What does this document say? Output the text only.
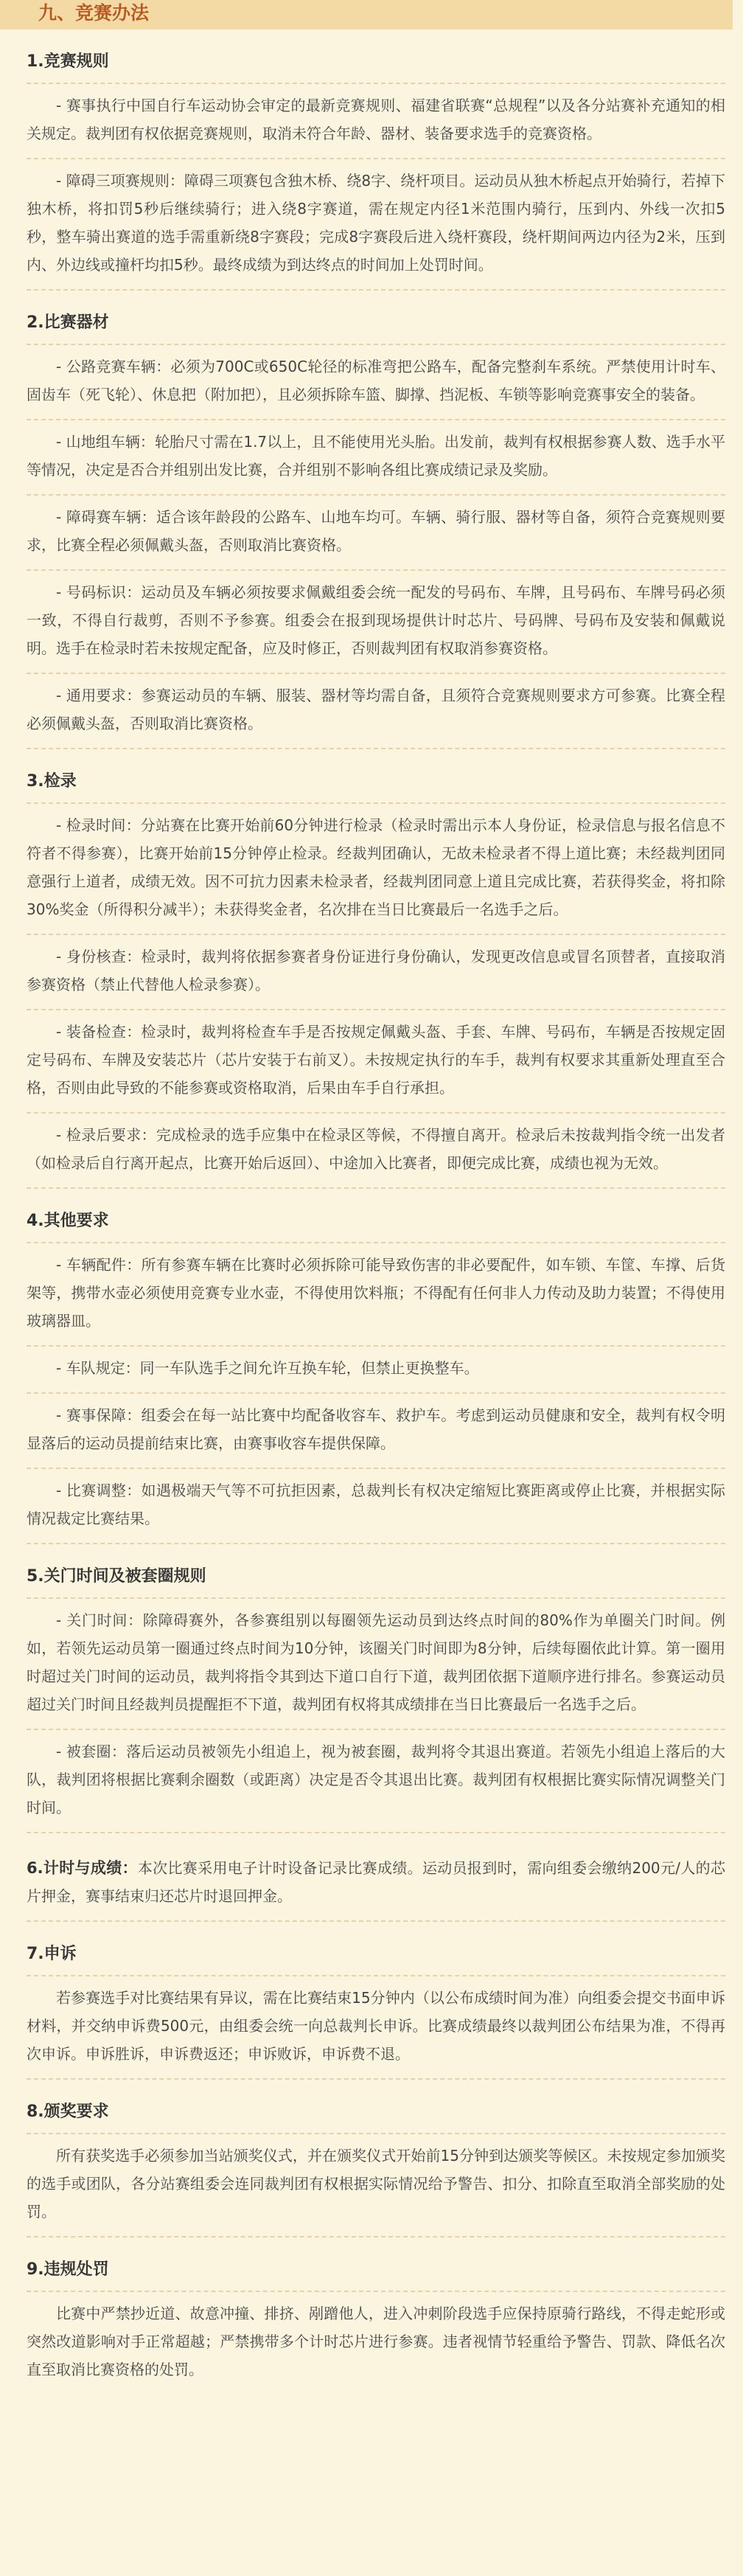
九、竞赛办法
1.竞赛规则

- 赛事执行中国自行车运动协会审定的最新竞赛规则、福建省联赛“总规程”以及各分站赛补充通知的相关规定。裁判团有权依据竞赛规则，取消未符合年龄、器材、装备要求选手的竞赛资格。

- 障碍三项赛规则：障碍三项赛包含独木桥、绕8字、绕杆项目。运动员从独木桥起点开始骑行，若掉下独木桥，将扣罚5秒后继续骑行；进入绕8字赛道，需在规定内径1米范围内骑行，压到内、外线一次扣5秒，整车骑出赛道的选手需重新绕8字赛段；完成8字赛段后进入绕杆赛段，绕杆期间两边内径为2米，压到内、外边线或撞杆均扣5秒。最终成绩为到达终点的时间加上处罚时间。

2.比赛器材

- 公路竞赛车辆：必须为700C或650C轮径的标准弯把公路车，配备完整刹车系统。严禁使用计时车、固齿车（死飞轮）、休息把（附加把），且必须拆除车篮、脚撑、挡泥板、车锁等影响竞赛事安全的装备。

- 山地组车辆：轮胎尺寸需在1.7以上，且不能使用光头胎。出发前，裁判有权根据参赛人数、选手水平等情况，决定是否合并组别出发比赛，合并组别不影响各组比赛成绩记录及奖励。

- 障碍赛车辆：适合该年龄段的公路车、山地车均可。车辆、骑行服、器材等自备，须符合竞赛规则要求，比赛全程必须佩戴头盔，否则取消比赛资格。

- 号码标识：运动员及车辆必须按要求佩戴组委会统一配发的号码布、车牌，且号码布、车牌号码必须一致，不得自行裁剪，否则不予参赛。组委会在报到现场提供计时芯片、号码牌、号码布及安装和佩戴说明。选手在检录时若未按规定配备，应及时修正，否则裁判团有权取消参赛资格。

- 通用要求：参赛运动员的车辆、服装、器材等均需自备，且须符合竞赛规则要求方可参赛。比赛全程必须佩戴头盔，否则取消比赛资格。

3.检录

- 检录时间：分站赛在比赛开始前60分钟进行检录（检录时需出示本人身份证，检录信息与报名信息不符者不得参赛），比赛开始前15分钟停止检录。经裁判团确认，无故未检录者不得上道比赛；未经裁判团同意强行上道者，成绩无效。因不可抗力因素未检录者，经裁判团同意上道且完成比赛，若获得奖金，将扣除30%奖金（所得积分减半）；未获得奖金者，名次排在当日比赛最后一名选手之后。

- 身份核查：检录时，裁判将依据参赛者身份证进行身份确认，发现更改信息或冒名顶替者，直接取消参赛资格（禁止代替他人检录参赛）。

- 装备检查：检录时，裁判将检查车手是否按规定佩戴头盔、手套、车牌、号码布，车辆是否按规定固定号码布、车牌及安装芯片（芯片安装于右前叉）。未按规定执行的车手，裁判有权要求其重新处理直至合格，否则由此导致的不能参赛或资格取消，后果由车手自行承担。

- 检录后要求：完成检录的选手应集中在检录区等候，不得擅自离开。检录后未按裁判指令统一出发者（如检录后自行离开起点，比赛开始后返回）、中途加入比赛者，即便完成比赛，成绩也视为无效。

4.其他要求

- 车辆配件：所有参赛车辆在比赛时必须拆除可能导致伤害的非必要配件，如车锁、车筐、车撑、后货架等，携带水壶必须使用竞赛专业水壶，不得使用饮料瓶；不得配有任何非人力传动及助力装置；不得使用玻璃器皿。

- 车队规定：同一车队选手之间允许互换车轮，但禁止更换整车。

- 赛事保障：组委会在每一站比赛中均配备收容车、救护车。考虑到运动员健康和安全，裁判有权令明显落后的运动员提前结束比赛，由赛事收容车提供保障。

- 比赛调整：如遇极端天气等不可抗拒因素，总裁判长有权决定缩短比赛距离或停止比赛，并根据实际情况裁定比赛结果。

5.关门时间及被套圈规则

- 关门时间：除障碍赛外，各参赛组别以每圈领先运动员到达终点时间的80%作为单圈关门时间。例如，若领先运动员第一圈通过终点时间为10分钟，该圈关门时间即为8分钟，后续每圈依此计算。第一圈用时超过关门时间的运动员，裁判将指令其到达下道口自行下道，裁判团依据下道顺序进行排名。参赛运动员超过关门时间且经裁判员提醒拒不下道，裁判团有权将其成绩排在当日比赛最后一名选手之后。

- 被套圈：落后运动员被领先小组追上，视为被套圈，裁判将令其退出赛道。若领先小组追上落后的大队，裁判团将根据比赛剩余圈数（或距离）决定是否令其退出比赛。裁判团有权根据比赛实际情况调整关门时间。

6.计时与成绩：本次比赛采用电子计时设备记录比赛成绩。运动员报到时，需向组委会缴纳200元/人的芯片押金，赛事结束归还芯片时退回押金。

7.申诉

若参赛选手对比赛结果有异议，需在比赛结束15分钟内（以公布成绩时间为准）向组委会提交书面申诉材料，并交纳申诉费500元，由组委会统一向总裁判长申诉。比赛成绩最终以裁判团公布结果为准，不得再次申诉。申诉胜诉，申诉费返还；申诉败诉，申诉费不退。

8.颁奖要求

所有获奖选手必须参加当站颁奖仪式，并在颁奖仪式开始前15分钟到达颁奖等候区。未按规定参加颁奖的选手或团队，各分站赛组委会连同裁判团有权根据实际情况给予警告、扣分、扣除直至取消全部奖励的处罚。

9.违规处罚

比赛中严禁抄近道、故意冲撞、排挤、剐蹭他人，进入冲刺阶段选手应保持原骑行路线，不得走蛇形或突然改道影响对手正常超越；严禁携带多个计时芯片进行参赛。违者视情节轻重给予警告、罚款、降低名次直至取消比赛资格的处罚。
